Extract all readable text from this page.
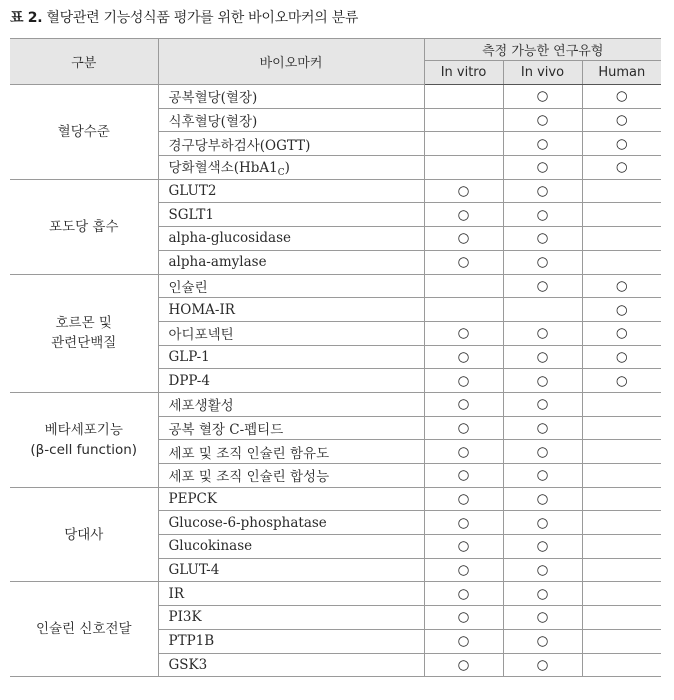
표 2. 혈당관련 기능성식품 평가를 위한 바이오마커의 분류
구분	바이오마커	측정 가능한 연구유형		
		In vitro	In vivo	Human

혈당수준	공복혈당(혈장)		○	○
	식후혈당(혈장)		○	○
	경구당부하검사(OGTT)		○	○
	당화혈색소$(HbA1_C)$		○	○

포도당 흡수	GLUT2	○	○	
	SGLT1	○	○	
	alpha-glucosidase	○	○	
	alpha-amylase	○	○	

호르몬 및
관련단백질	인슐린		○	○
	HOMA-IR			○
	아디포넥틴	○	○	○
	GLP-1	○	○	○
	DPP-4	○	○	○

베타세포기능
(β-cell function)	세포생활성	○	○	
	공복 혈장 C-펩티드	○	○	
	세포 및 조직 인슐린 함유도	○	○	
	세포 및 조직 인슐린 합성능	○	○	

당대사	PEPCK	○	○	
	Glucose-6-phosphatase	○	○	
	Glucokinase	○	○	
	GLUT-4	○	○	

인슐린 신호전달	IR	○	○	
	PI3K	○	○	
	PTP1B	○	○	
	GSK3	○	○	
